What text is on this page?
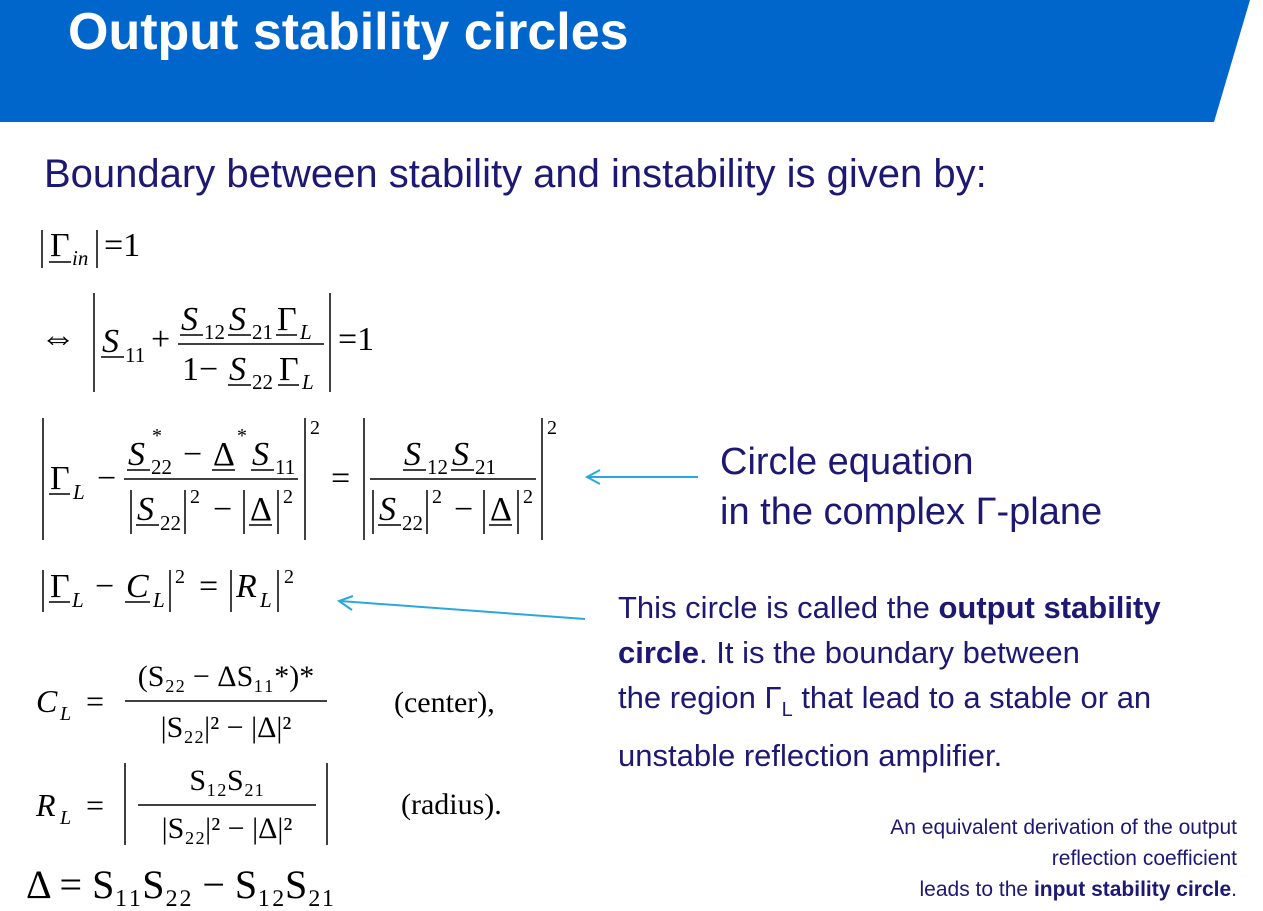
Output stability circles
Boundary between stability and instability is given by:
Γ in =1
⇔ S 11 +
S 12 S 21 Γ L
1− S 22 Γ L
=1
Γ L −
S *
22 − Δ * S 11
S 22
2 − Δ 2
2
=
S 12 S 21
S 22
2 − Δ 2
2
Γ L − C L
2 = R L
2
C L =
(S₂₂ − ΔS₁₁*)*
|S₂₂|² − |Δ|²
(center),
R L =
S₁₂S₂₁
|S₂₂|² − |Δ|²
(radius).
Δ = S₁₁S₂₂ − S₁₂S₂₁
Circle equation
in the complex Γ-plane
This circle is called the output stability
circle. It is the boundary between
the region $\Gamma_L$ that lead to a stable or an
unstable reflection amplifier.
An equivalent derivation of the output
reflection coefficient
leads to the input stability circle.
